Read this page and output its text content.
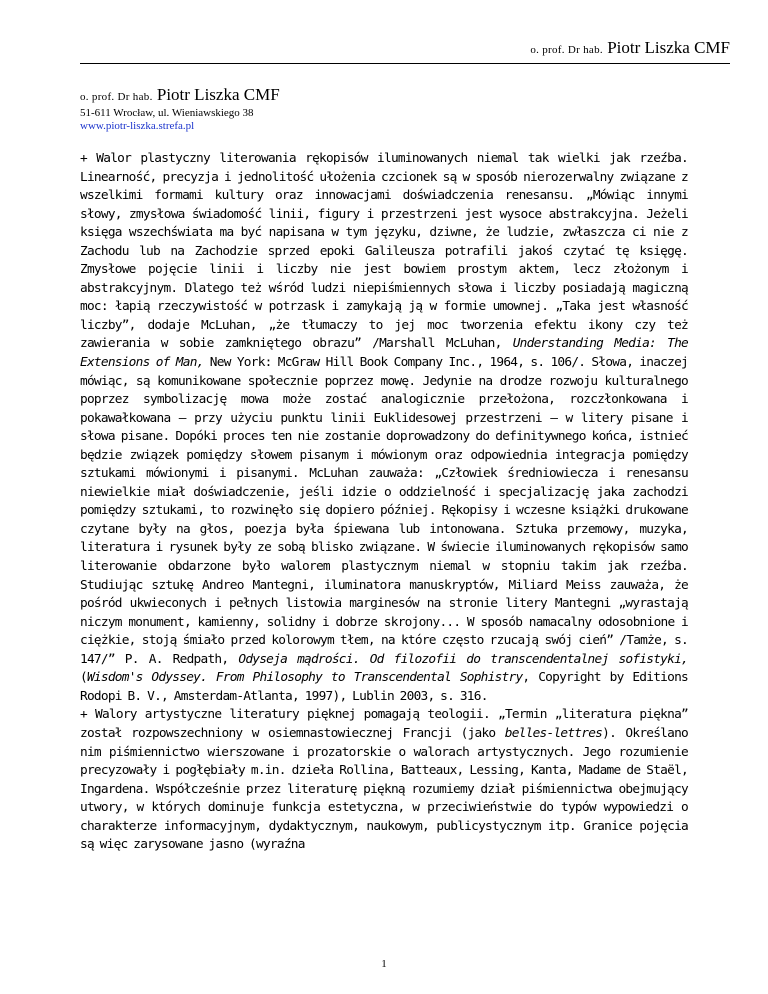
o. prof. Dr hab. Piotr Liszka CMF
o. prof. Dr hab. Piotr Liszka CMF
51-611 Wrocław, ul. Wieniawskiego 38
www.piotr-liszka.strefa.pl

+ Walor plastyczny literowania rękopisów iluminowanych niemal tak wielki jak rzeźba. Linearność, precyzja i jednolitość ułożenia czcionek są w sposób nierozerwalny związane z wszelkimi formami kultury oraz innowacjami doświadczenia renesansu. „Mówiąc innymi słowy, zmysłowa świadomość linii, figury i przestrzeni jest wysoce abstrakcyjna. Jeżeli księga wszechświata ma być napisana w tym języku, dziwne, że ludzie, zwłaszcza ci nie z Zachodu lub na Zachodzie sprzed epoki Galileusza potrafili jakoś czytać tę księgę. Zmysłowe pojęcie linii i liczby nie jest bowiem prostym aktem, lecz złożonym i abstrakcyjnym. Dlatego też wśród ludzi niepiśmiennych słowa i liczby posiadają magiczną moc: łapią rzeczywistość w potrzask i zamykają ją w formie umownej. „Taka jest własność liczby”, dodaje McLuhan, „że tłumaczy to jej moc tworzenia efektu ikony czy też zawierania w sobie zamkniętego obrazu” /Marshall McLuhan, Understanding Media: The Extensions of Man, New York: McGraw Hill Book Company Inc., 1964, s. 106/. Słowa, inaczej mówiąc, są komunikowane społecznie poprzez mowę. Jedynie na drodze rozwoju kulturalnego poprzez symbolizację mowa może zostać analogicznie przełożona, rozczłonkowana i pokawałkowana – przy użyciu punktu linii Euklidesowej przestrzeni – w litery pisane i słowa pisane. Dopóki proces ten nie zostanie doprowadzony do definitywnego końca, istnieć będzie związek pomiędzy słowem pisanym i mówionym oraz odpowiednia integracja pomiędzy sztukami mówionymi i pisanymi. McLuhan zauważa: „Człowiek średniowiecza i renesansu niewielkie miał doświadczenie, jeśli idzie o oddzielność i specjalizację jaka zachodzi pomiędzy sztukami, to rozwinęło się dopiero później. Rękopisy i wczesne książki drukowane czytane były na głos, poezja była śpiewana lub intonowana. Sztuka przemowy, muzyka, literatura i rysunek były ze sobą blisko związane. W świecie iluminowanych rękopisów samo literowanie obdarzone było walorem plastycznym niemal w stopniu takim jak rzeźba. Studiując sztukę Andreo Mantegni, iluminatora manuskryptów, Miliard Meiss zauważa, że pośród ukwieconych i pełnych listowia marginesów na stronie litery Mantegni „wyrastają niczym monument, kamienny, solidny i dobrze skrojony... W sposób namacalny odosobnione i ciężkie, stoją śmiało przed kolorowym tłem, na które często rzucają swój cień” /Tamże, s. 147/” P. A. Redpath, Odyseja mądrości. Od filozofii do transcendentalnej sofistyki, (Wisdom's Odyssey. From Philosophy to Transcendental Sophistry, Copyright by Editions Rodopi B. V., Amsterdam-Atlanta, 1997), Lublin 2003, s. 316.

+ Walory artystyczne literatury pięknej pomagają teologii. „Termin „literatura piękna” został rozpowszechniony w osiemnastowiecznej Francji (jako belles-lettres). Określano nim piśmiennictwo wierszowane i prozatorskie o walorach artystycznych. Jego rozumienie precyzowały i pogłębiały m.in. dzieła Rollina, Batteaux, Lessing, Kanta, Madame de Staël, Ingardena. Współcześnie przez literaturę piękną rozumiemy dział piśmiennictwa obejmujący utwory, w których dominuje funkcja estetyczna, w przeciwieństwie do typów wypowiedzi o charakterze informacyjnym, dydaktycznym, naukowym, publicystycznym itp. Granice pojęcia są więc zarysowane jasno (wyraźna

1
